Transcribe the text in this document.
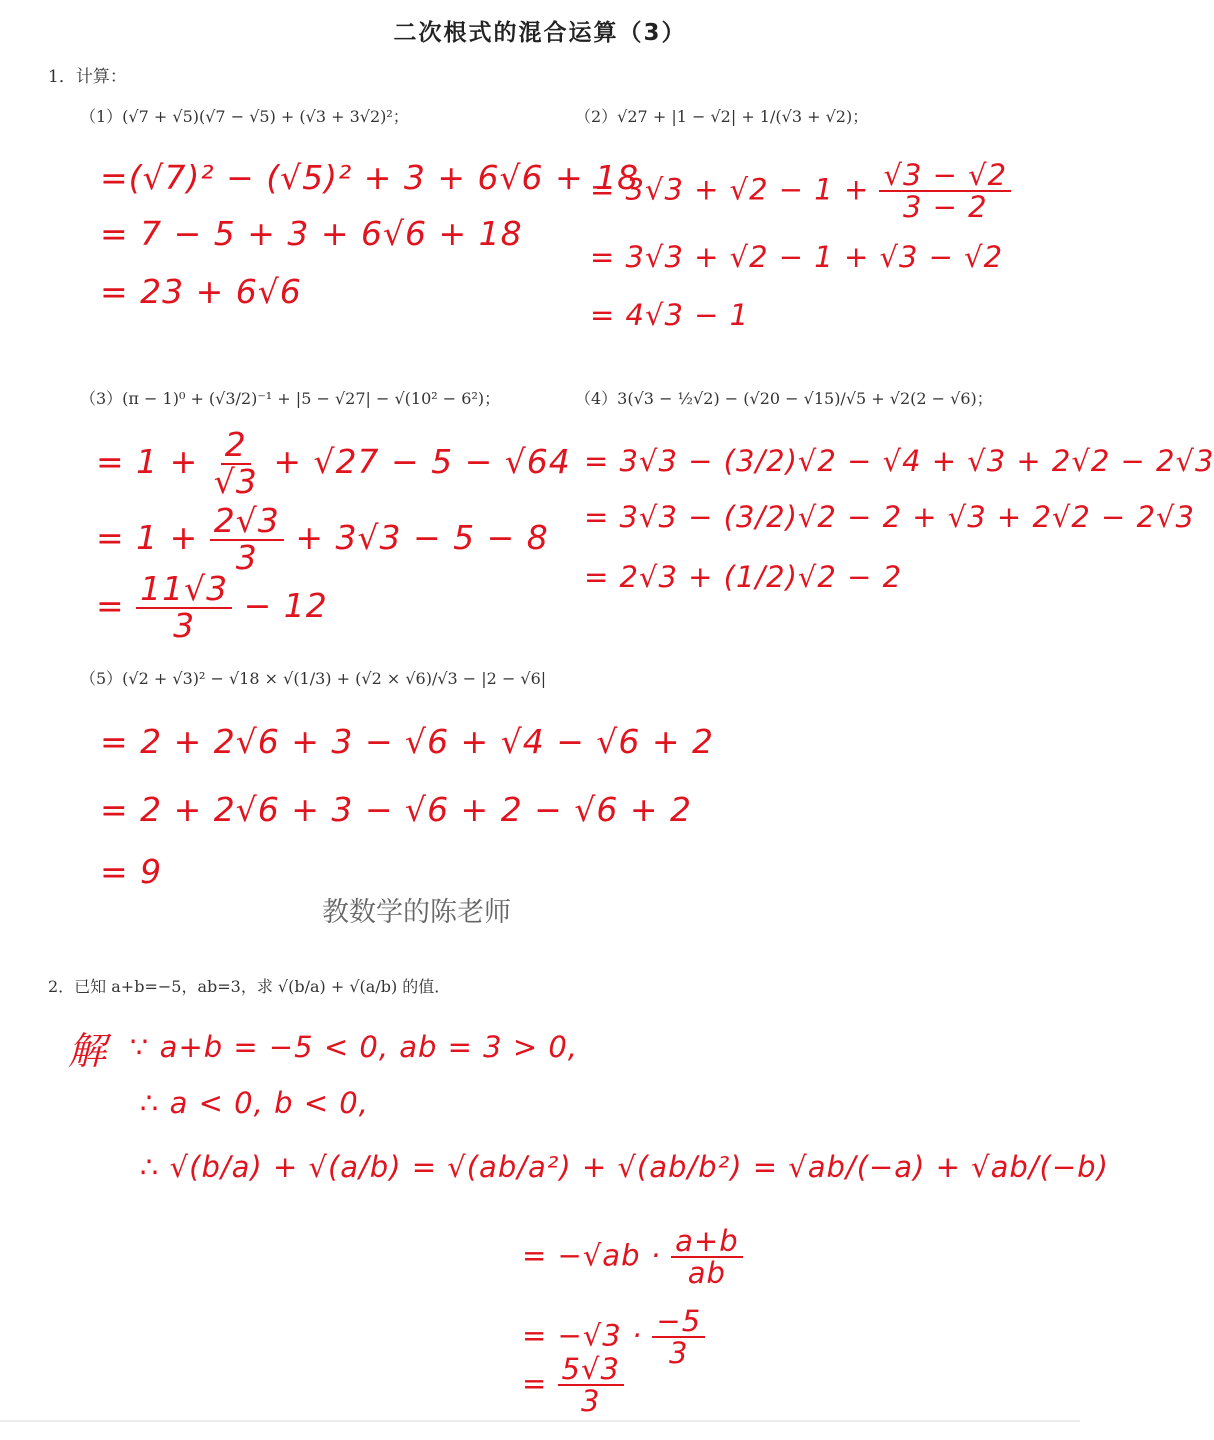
二次根式的混合运算（3）
1．计算：
（1）(√7 + √5)(√7 − √5) + (√3 + 3√2)²；
=(√7)² − (√5)² + 3 + 6√6 + 18
= 7 − 5 + 3 + 6√6 + 18
= 23 + 6√6
（2）√27 + |1 − √2| + 1/(√3 + √2)；
= $3√3 + √2 - 1 + \frac{√3 - √2}{3 - 2}$
= 3√3 + √2 − 1 + √3 − √2
= 4√3 − 1
（3）(π − 1)⁰ + (√3/2)⁻¹ + |5 − √27| − √(10² − 6²)；
= $1 + \frac{2}{√3} + √27 - 5 - √64$
= $1 + \frac{2√3}{3} + 3√3 - 5 - 8$
= $\frac{11√3}{3} - 12$
（4）3(√3 − ½√2) − (√20 − √15)/√5 + √2(2 − √6)；
= 3√3 − (3/2)√2 − √4 + √3 + 2√2 − 2√3
= 3√3 − (3/2)√2 − 2 + √3 + 2√2 − 2√3
= 2√3 + (1/2)√2 − 2
（5）(√2 + √3)² − √18 × √(1/3) + (√2 × √6)/√3 − |2 − √6|
= 2 + 2√6 + 3 − √6 + √4 − √6 + 2
= 2 + 2√6 + 3 − √6 + 2 − √6 + 2
= 9
教数学的陈老师
2．已知 a+b=−5，ab=3，求 √(b/a) + √(a/b) 的值．
解 ∵ a+b = −5 < 0, ab = 3 > 0,
∴ a < 0, b < 0,
∴ √(b/a) + √(a/b) = √(ab/a²) + √(ab/b²) = √ab/(−a) + √ab/(−b)
= $-√ab \cdot \frac{a+b}{ab}$
= $-√3 \cdot \frac{-5}{3}$
= $\frac{5√3}{3}$
